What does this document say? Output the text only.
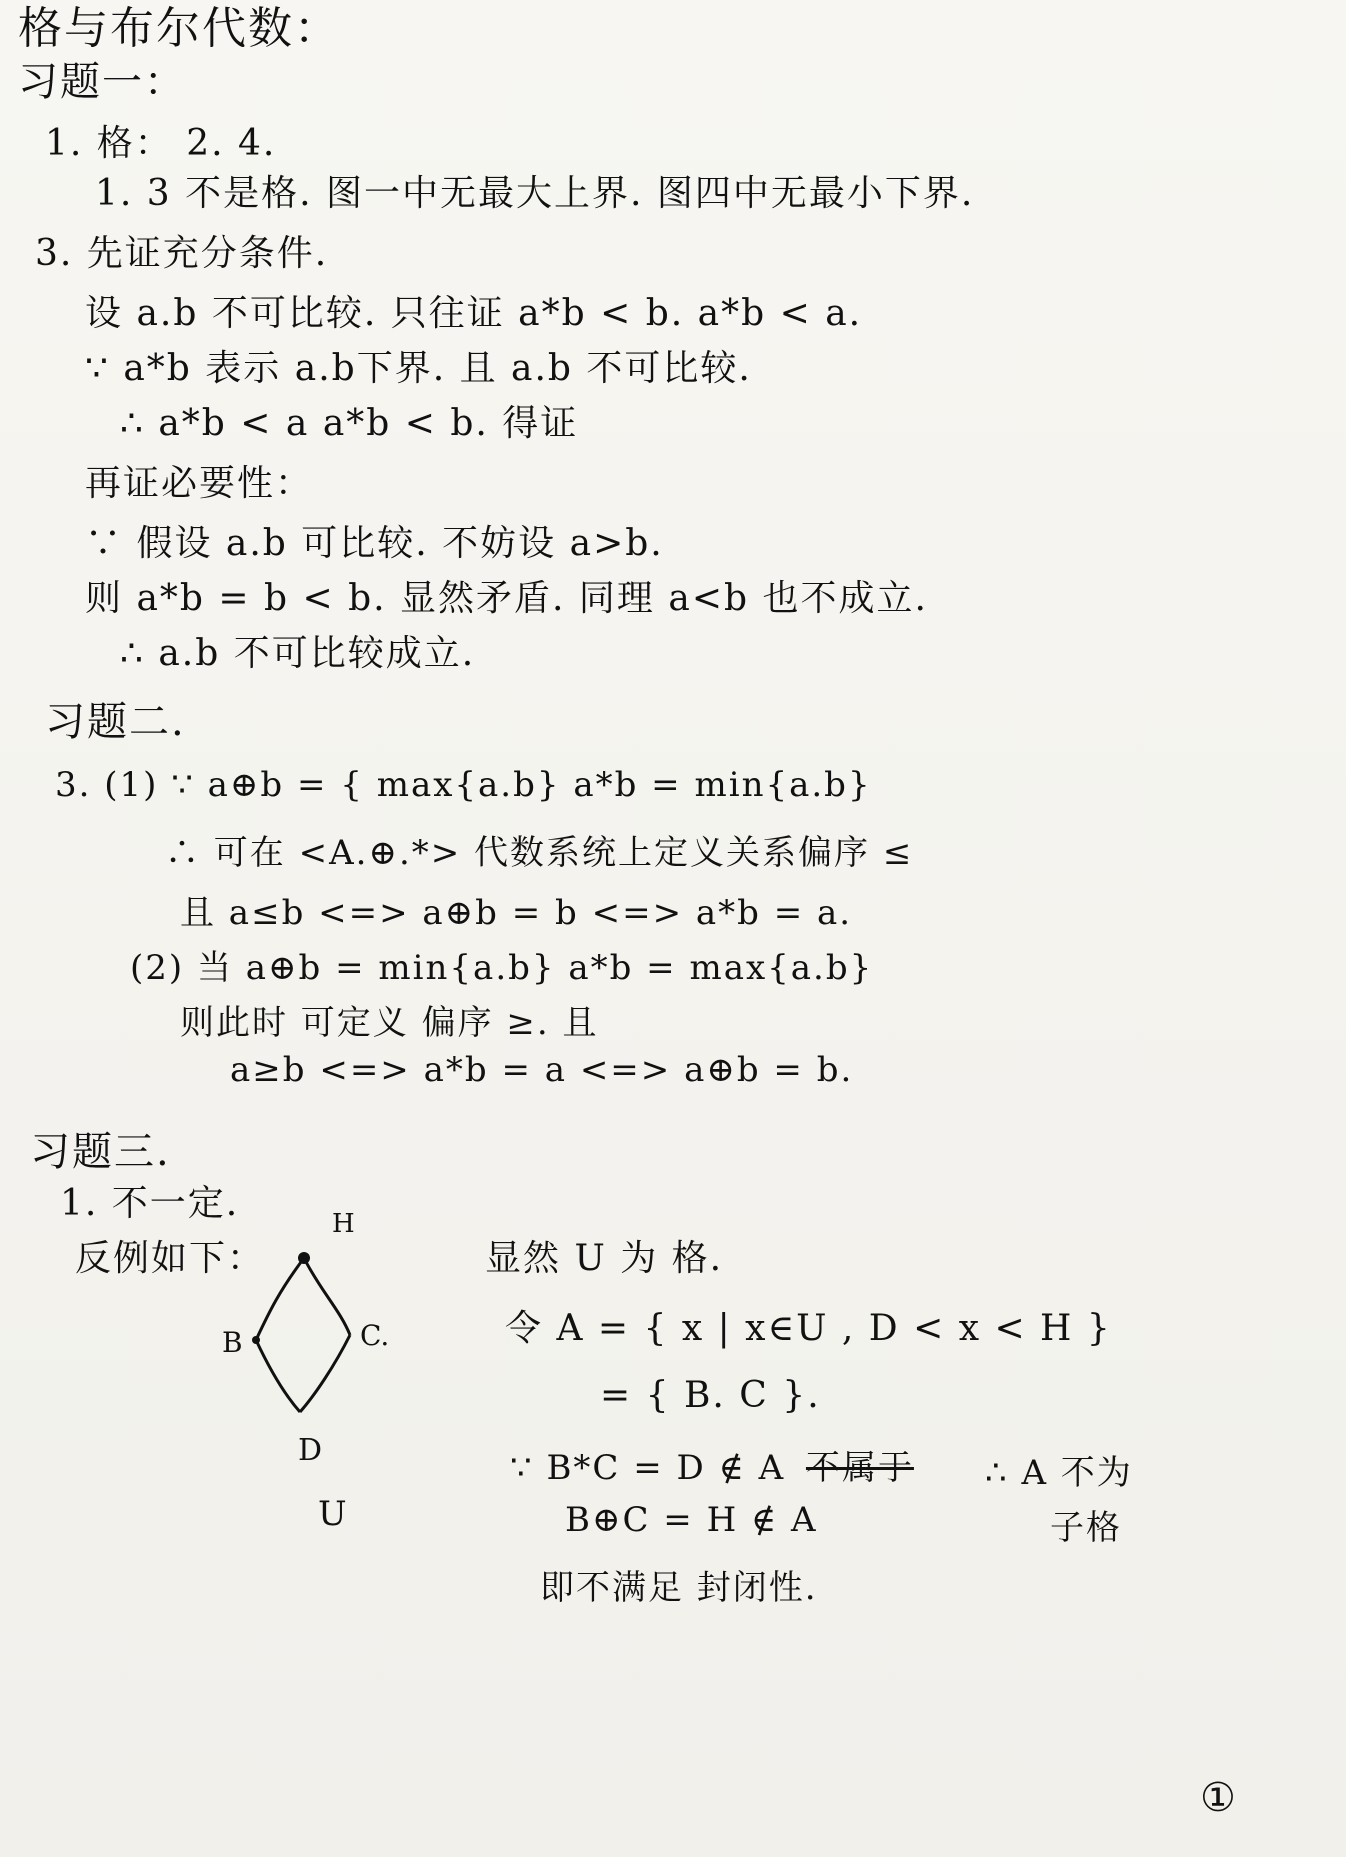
格与布尔代数：
习题一：
1. 格： 2. 4.
1. 3 不是格. 图一中无最大上界. 图四中无最小下界.
3. 先证充分条件.
设 a.b 不可比较. 只往证 a*b < b. a*b < a.
∵ a*b 表示 a.b下界. 且 a.b 不可比较.
∴ a*b < a a*b < b. 得证
再证必要性：
∵ 假设 a.b 可比较. 不妨设 a>b.
则 a*b = b < b. 显然矛盾. 同理 a<b 也不成立.
∴ a.b 不可比较成立.
习题二.
3. (1) ∵ a⊕b = { max{a.b} a*b = min{a.b}
∴ 可在 <A.⊕.*> 代数系统上定义关系偏序 ≤
且 a≤b <=> a⊕b = b <=> a*b = a.
(2) 当 a⊕b = min{a.b} a*b = max{a.b}
则此时 可定义 偏序 ≥. 且
a≥b <=> a*b = a <=> a⊕b = b.
习题三.
1. 不一定.
反例如下：
H
B	C.
D
U
显然 U 为 格.
令 A = { x | x∈U , D < x < H }
= { B. C }.
∵ B*C = D ∉ A 不属于
B⊕C = H ∉ A
即不满足 封闭性.
∴ A 不为
子格
①
